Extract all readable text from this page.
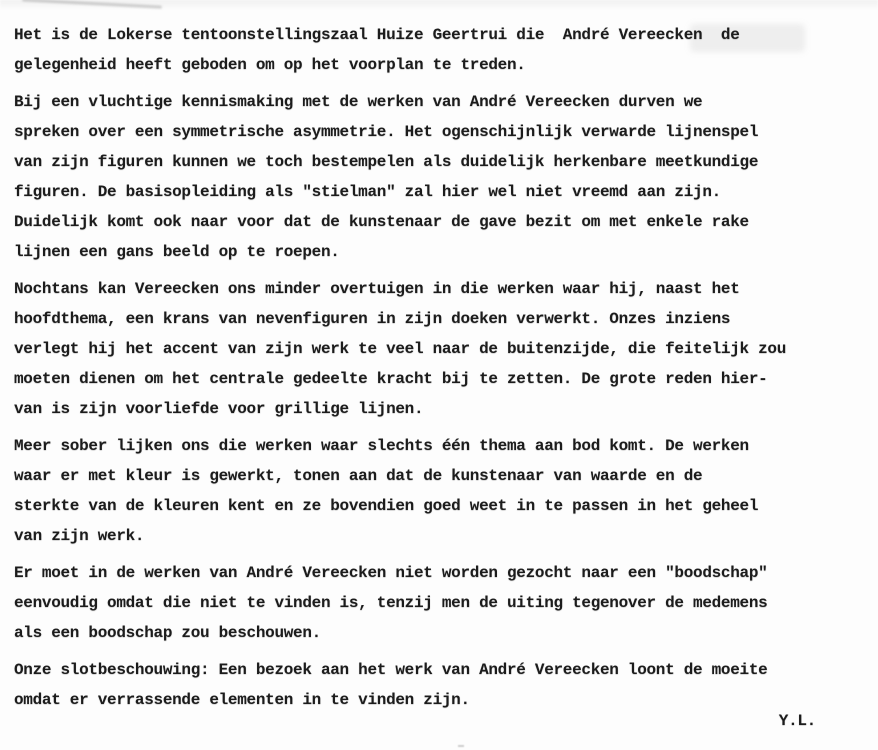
Het is de Lokerse tentoonstellingszaal Huize Geertrui die  André Vereecken  de
gelegenheid heeft geboden om op het voorplan te treden.
Bij een vluchtige kennismaking met de werken van André Vereecken durven we
spreken over een symmetrische asymmetrie. Het ogenschijnlijk verwarde lijnenspel
van zijn figuren kunnen we toch bestempelen als duidelijk herkenbare meetkundige
figuren. De basisopleiding als "stielman" zal hier wel niet vreemd aan zijn.
Duidelijk komt ook naar voor dat de kunstenaar de gave bezit om met enkele rake
lijnen een gans beeld op te roepen.
Nochtans kan Vereecken ons minder overtuigen in die werken waar hij, naast het
hoofdthema, een krans van nevenfiguren in zijn doeken verwerkt. Onzes inziens
verlegt hij het accent van zijn werk te veel naar de buitenzijde, die feitelijk zou
moeten dienen om het centrale gedeelte kracht bij te zetten. De grote reden hier-
van is zijn voorliefde voor grillige lijnen.
Meer sober lijken ons die werken waar slechts één thema aan bod komt. De werken
waar er met kleur is gewerkt, tonen aan dat de kunstenaar van waarde en de
sterkte van de kleuren kent en ze bovendien goed weet in te passen in het geheel
van zijn werk.
Er moet in de werken van André Vereecken niet worden gezocht naar een "boodschap"
eenvoudig omdat die niet te vinden is, tenzij men de uiting tegenover de medemens
als een boodschap zou beschouwen.
Onze slotbeschouwing: Een bezoek aan het werk van André Vereecken loont de moeite
omdat er verrassende elementen in te vinden zijn.
Y.L.
